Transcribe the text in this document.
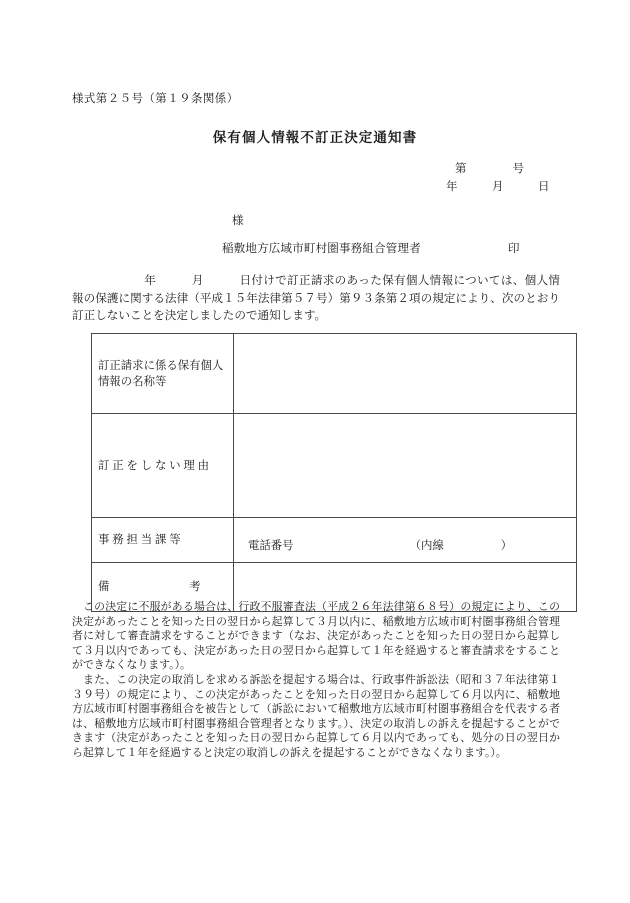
様式第２５号（第１９条関係）
保有個人情報不訂正決定通知書
第　　　　号
年　　　月　　　日
様
稲敷地方広域市町村圏事務組合管理者	印
年　　　月　　　日付けで訂正請求のあった保有個人情報については、個人情報の保護に関する法律（平成１５年法律第５７号）第９３条第２項の規定により、次のとおり訂正しないことを決定しましたので通知します。
訂正請求に係る保有個人情報の名称等	

訂 正 を し な い 理 由	

事 務 担 当 課 等	電話番号 （内線　　　　　）

備　　　　　　　考	

この決定に不服がある場合は、行政不服審査法（平成２６年法律第６８号）の規定により、この決定があったことを知った日の翌日から起算して３月以内に、稲敷地方広域市町村圏事務組合管理者に対して審査請求をすることができます（なお、決定があったことを知った日の翌日から起算して３月以内であっても、決定があった日の翌日から起算して１年を経過すると審査請求をすることができなくなります。）。

また、この決定の取消しを求める訴訟を提起する場合は、行政事件訴訟法（昭和３７年法律第１３９号）の規定により、この決定があったことを知った日の翌日から起算して６月以内に、稲敷地方広域市町村圏事務組合を被告として（訴訟において稲敷地方広域市町村圏事務組合を代表する者は、稲敷地方広域市町村圏事務組合管理者となります。）、決定の取消しの訴えを提起することができます（決定があったことを知った日の翌日から起算して６月以内であっても、処分の日の翌日から起算して１年を経過すると決定の取消しの訴えを提起することができなくなります。）。
